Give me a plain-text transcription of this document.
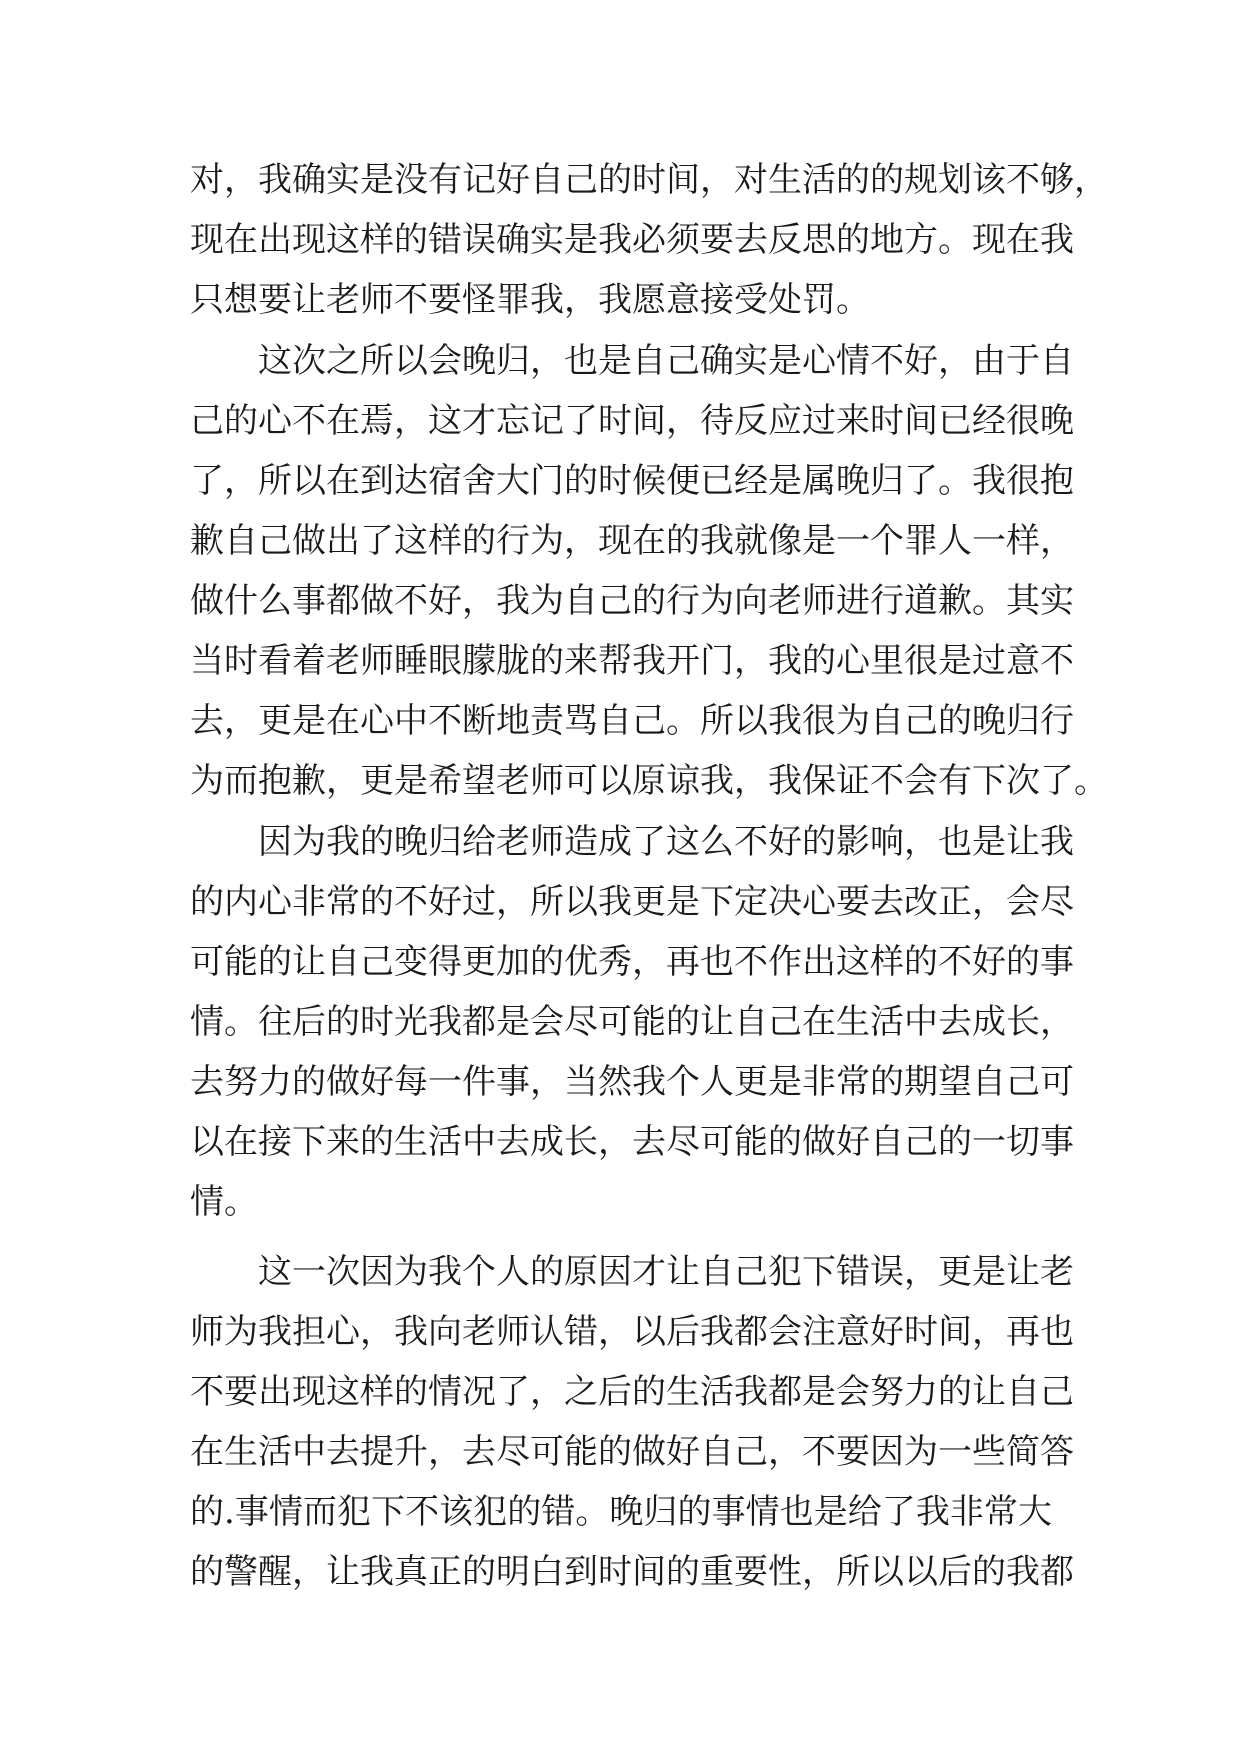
对，我确实是没有记好自己的时间，对生活的的规划该不够，
现在出现这样的错误确实是我必须要去反思的地方。现在我
只想要让老师不要怪罪我，我愿意接受处罚。
这次之所以会晚归，也是自己确实是心情不好，由于自
己的心不在焉，这才忘记了时间，待反应过来时间已经很晚
了，所以在到达宿舍大门的时候便已经是属晚归了。我很抱
歉自己做出了这样的行为，现在的我就像是一个罪人一样，
做什么事都做不好，我为自己的行为向老师进行道歉。其实
当时看着老师睡眼朦胧的来帮我开门，我的心里很是过意不
去，更是在心中不断地责骂自己。所以我很为自己的晚归行
为而抱歉，更是希望老师可以原谅我，我保证不会有下次了。
因为我的晚归给老师造成了这么不好的影响，也是让我
的内心非常的不好过，所以我更是下定决心要去改正，会尽
可能的让自己变得更加的优秀，再也不作出这样的不好的事
情。往后的时光我都是会尽可能的让自己在生活中去成长，
去努力的做好每一件事，当然我个人更是非常的期望自己可
以在接下来的生活中去成长，去尽可能的做好自己的一切事
情。
这一次因为我个人的原因才让自己犯下错误，更是让老
师为我担心，我向老师认错，以后我都会注意好时间，再也
不要出现这样的情况了，之后的生活我都是会努力的让自己
在生活中去提升，去尽可能的做好自己，不要因为一些简答
的.事情而犯下不该犯的错。晚归的事情也是给了我非常大
的警醒，让我真正的明白到时间的重要性，所以以后的我都
